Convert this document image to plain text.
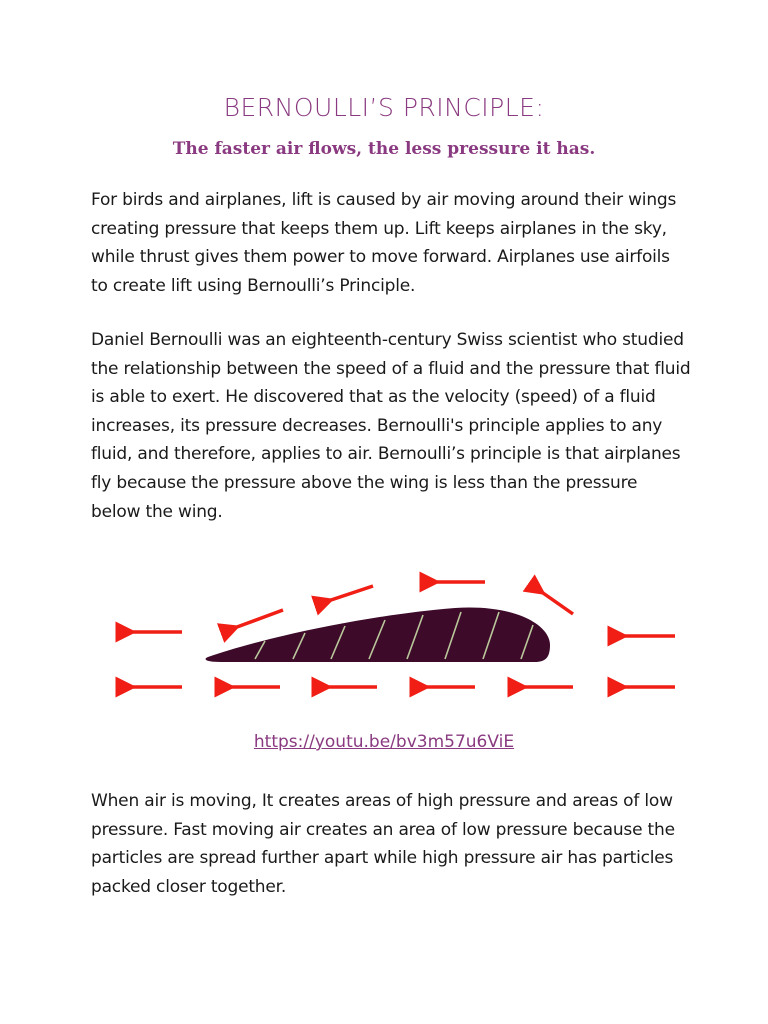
BERNOULLI’S PRINCIPLE:

The faster air flows, the less pressure it has.

For birds and airplanes, lift is caused by air moving around their wings creating pressure that keeps them up. Lift keeps airplanes in the sky, while thrust gives them power to move forward. Airplanes use airfoils to create lift using Bernoulli’s Principle.

Daniel Bernoulli was an eighteenth-century Swiss scientist who studied the relationship between the speed of a fluid and the pressure that fluid is able to exert. He discovered that as the velocity (speed) of a fluid increases, its pressure decreases. Bernoulli's principle applies to any fluid, and therefore, applies to air. Bernoulli’s principle is that airplanes fly because the pressure above the wing is less than the pressure below the wing.

https://youtu.be/bv3m57u6ViE

When air is moving, It creates areas of high pressure and areas of low pressure. Fast moving air creates an area of low pressure because the particles are spread further apart while high pressure air has particles packed closer together.
